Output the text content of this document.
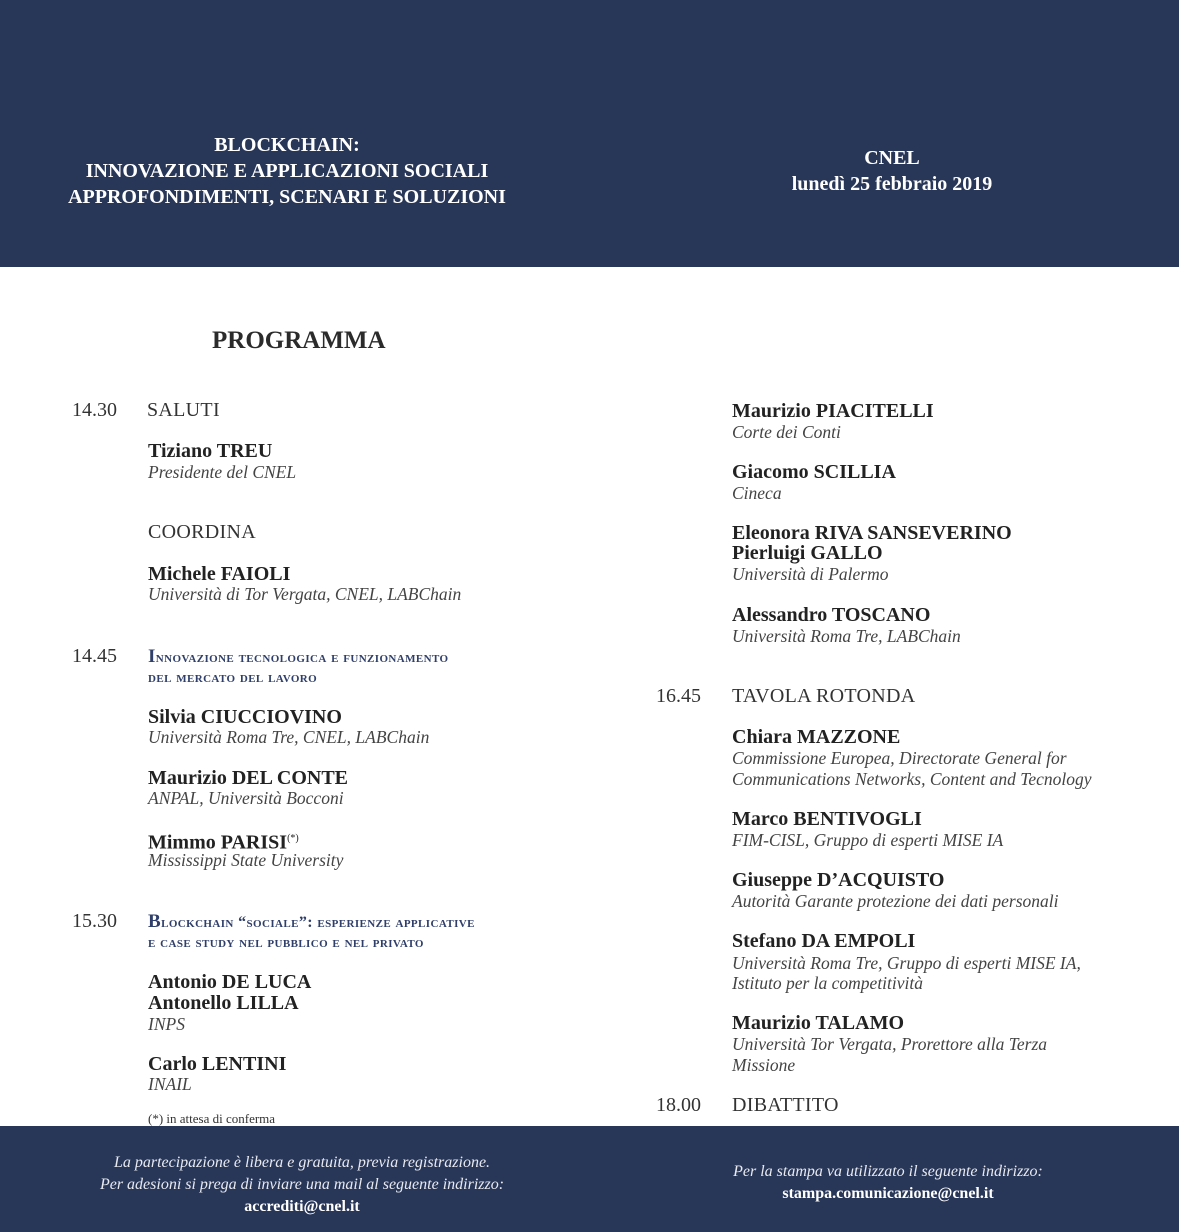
BLOCKCHAIN:
INNOVAZIONE E APPLICAZIONI SOCIALI
APPROFONDIMENTI, SCENARI E SOLUZIONI
CNEL
lunedì 25 febbraio 2019
PROGRAMMA
14.30 SALUTI
Tiziano TREU
Presidente del CNEL
COORDINA
Michele FAIOLI
Università di Tor Vergata, CNEL, LABChain
14.45 Innovazione tecnologica e funzionamento
del mercato del lavoro
Silvia CIUCCIOVINO
Università Roma Tre, CNEL, LABChain
Maurizio DEL CONTE
ANPAL, Università Bocconi
Mimmo PARISI(*)
Mississippi State University
15.30 Blockchain “sociale”: esperienze applicative
e case study nel pubblico e nel privato
Antonio DE LUCA
Antonello LILLA
INPS
Carlo LENTINI
INAIL
(*) in attesa di conferma
Maurizio PIACITELLI
Corte dei Conti
Giacomo SCILLIA
Cineca
Eleonora RIVA SANSEVERINO
Pierluigi GALLO
Università di Palermo
Alessandro TOSCANO
Università Roma Tre, LABChain
16.45 TAVOLA ROTONDA
Chiara MAZZONE
Commissione Europea, Directorate General for
Communications Networks, Content and Tecnology
Marco BENTIVOGLI
FIM-CISL, Gruppo di esperti MISE IA
Giuseppe D’ACQUISTO
Autorità Garante protezione dei dati personali
Stefano DA EMPOLI
Università Roma Tre, Gruppo di esperti MISE IA,
Istituto per la competitività
Maurizio TALAMO
Università Tor Vergata, Prorettore alla Terza
Missione
18.00 DIBATTITO
La partecipazione è libera e gratuita, previa registrazione.
Per adesioni si prega di inviare una mail al seguente indirizzo:
accrediti@cnel.it
Per la stampa va utilizzato il seguente indirizzo:
stampa.comunicazione@cnel.it
